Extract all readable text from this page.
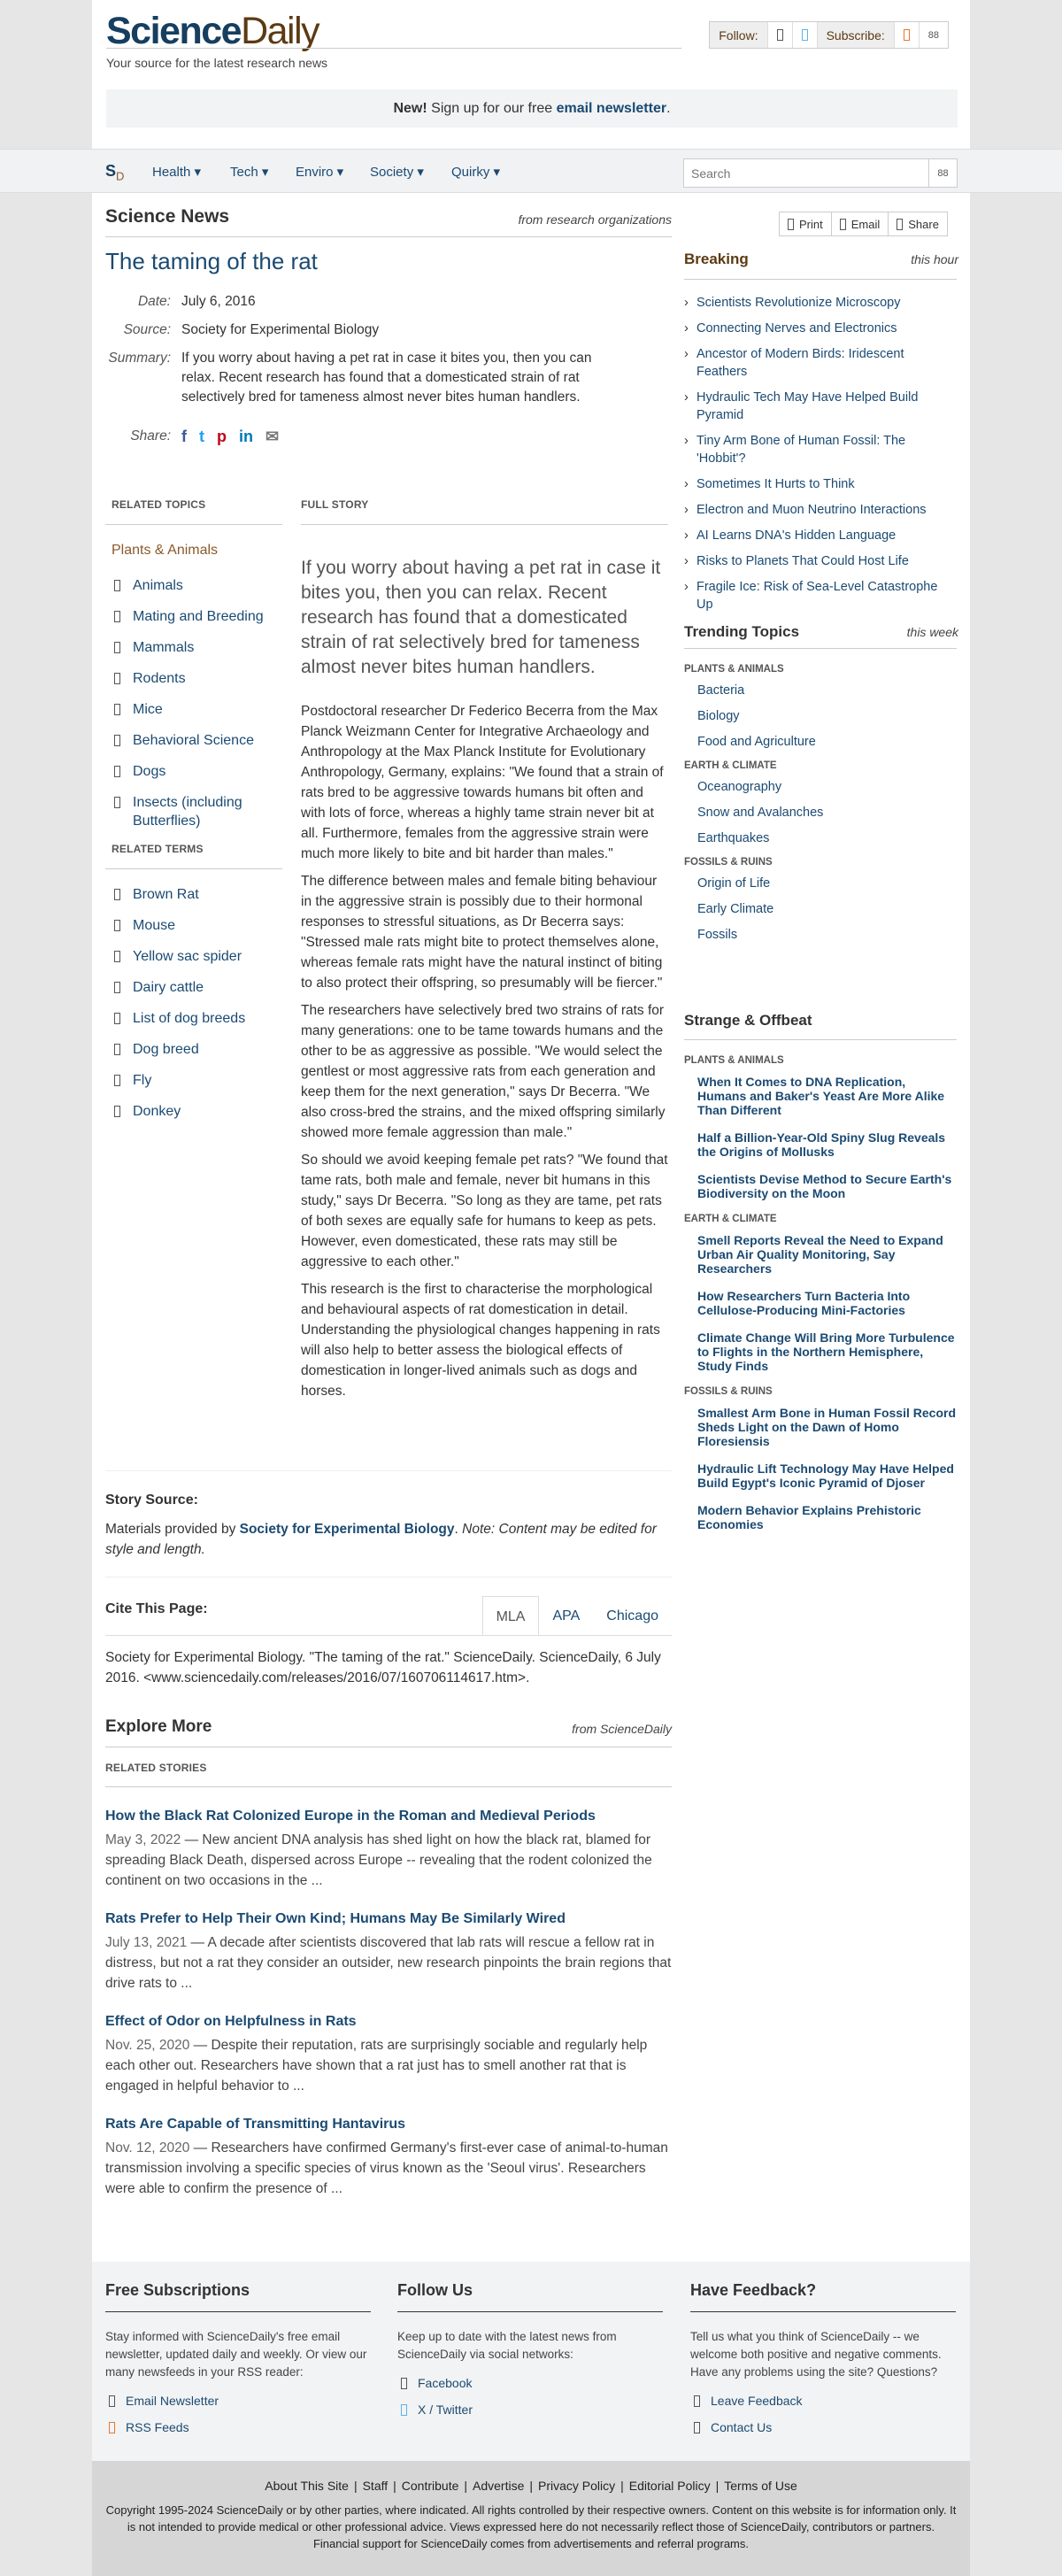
ScienceDaily
Your source for the latest research news
Follow:	Subscribe:	88
New! Sign up for our free email newsletter.
$S_D$ Health ▾ Tech ▾ Enviro ▾ Society ▾ Quirky ▾
Search	88
Science News	from research organizations
The taming of the rat
Date: July 6, 2016
Source: Society for Experimental Biology
Summary: If you worry about having a pet rat in case it bites you, then you can relax. Recent research has found that a domesticated strain of rat selectively bred for tameness almost never bites human handlers.
Share: f t p in ✉
RELATED TOPICS
Plants & Animals
Animals
Mating and Breeding
Mammals
Rodents
Mice
Behavioral Science
Dogs
Insects (including Butterflies)
RELATED TERMS
Brown Rat
Mouse
Yellow sac spider
Dairy cattle
List of dog breeds
Dog breed
Fly
Donkey
FULL STORY

If you worry about having a pet rat in case it bites you, then you can relax. Recent research has found that a domesticated strain of rat selectively bred for tameness almost never bites human handlers.

Postdoctoral researcher Dr Federico Becerra from the Max Planck Weizmann Center for Integrative Archaeology and Anthropology at the Max Planck Institute for Evolutionary Anthropology, Germany, explains: "We found that a strain of rats bred to be aggressive towards humans bit often and with lots of force, whereas a highly tame strain never bit at all. Furthermore, females from the aggressive strain were much more likely to bite and bit harder than males."

The difference between males and female biting behaviour in the aggressive strain is possibly due to their hormonal responses to stressful situations, as Dr Becerra says: "Stressed male rats might bite to protect themselves alone, whereas female rats might have the natural instinct of biting to also protect their offspring, so presumably will be fiercer."

The researchers have selectively bred two strains of rats for many generations: one to be tame towards humans and the other to be as aggressive as possible. "We would select the gentlest or most aggressive rats from each generation and keep them for the next generation," says Dr Becerra. "We also cross-bred the strains, and the mixed offspring similarly showed more female aggression than male."

So should we avoid keeping female pet rats? "We found that tame rats, both male and female, never bit humans in this study," says Dr Becerra. "So long as they are tame, pet rats of both sexes are equally safe for humans to keep as pets. However, even domesticated, these rats may still be aggressive to each other."

This research is the first to characterise the morphological and behavioural aspects of rat domestication in detail. Understanding the physiological changes happening in rats will also help to better assess the biological effects of domestication in longer-lived animals such as dogs and horses.

Print Email Share
Breaking	this hour
› Scientists Revolutionize Microscopy
› Connecting Nerves and Electronics
› Ancestor of Modern Birds: Iridescent Feathers
› Hydraulic Tech May Have Helped Build Pyramid
› Tiny Arm Bone of Human Fossil: The 'Hobbit'?
› Sometimes It Hurts to Think
› Electron and Muon Neutrino Interactions
› AI Learns DNA's Hidden Language
› Risks to Planets That Could Host Life
› Fragile Ice: Risk of Sea-Level Catastrophe Up
Trending Topics	this week
PLANTS & ANIMALS
Bacteria
Biology
Food and Agriculture
EARTH & CLIMATE
Oceanography
Snow and Avalanches
Earthquakes
FOSSILS & RUINS
Origin of Life
Early Climate
Fossils
Strange & Offbeat
PLANTS & ANIMALS
When It Comes to DNA Replication, Humans and Baker's Yeast Are More Alike Than Different
Half a Billion-Year-Old Spiny Slug Reveals the Origins of Mollusks
Scientists Devise Method to Secure Earth's Biodiversity on the Moon
EARTH & CLIMATE
Smell Reports Reveal the Need to Expand Urban Air Quality Monitoring, Say Researchers
How Researchers Turn Bacteria Into Cellulose-Producing Mini-Factories
Climate Change Will Bring More Turbulence to Flights in the Northern Hemisphere, Study Finds
FOSSILS & RUINS
Smallest Arm Bone in Human Fossil Record Sheds Light on the Dawn of Homo Floresiensis
Hydraulic Lift Technology May Have Helped Build Egypt's Iconic Pyramid of Djoser
Modern Behavior Explains Prehistoric Economies
Story Source:

Materials provided by Society for Experimental Biology. Note: Content may be edited for style and length.

Cite This Page:
MLA	APA	Chicago

Society for Experimental Biology. "The taming of the rat." ScienceDaily. ScienceDaily, 6 July 2016. <www.sciencedaily.com/releases/2016/07/160706114617.htm>.

Explore More	from ScienceDaily
RELATED STORIES
How the Black Rat Colonized Europe in the Roman and Medieval Periods

May 3, 2022 — New ancient DNA analysis has shed light on how the black rat, blamed for spreading Black Death, dispersed across Europe -- revealing that the rodent colonized the continent on two occasions in the ...

Rats Prefer to Help Their Own Kind; Humans May Be Similarly Wired

July 13, 2021 — A decade after scientists discovered that lab rats will rescue a fellow rat in distress, but not a rat they consider an outsider, new research pinpoints the brain regions that drive rats to ...

Effect of Odor on Helpfulness in Rats

Nov. 25, 2020 — Despite their reputation, rats are surprisingly sociable and regularly help each other out. Researchers have shown that a rat just has to smell another rat that is engaged in helpful behavior to ...

Rats Are Capable of Transmitting Hantavirus

Nov. 12, 2020 — Researchers have confirmed Germany's first-ever case of animal-to-human transmission involving a specific species of virus known as the 'Seoul virus'. Researchers were able to confirm the presence of ...

Free Subscriptions

Stay informed with ScienceDaily's free email newsletter, updated daily and weekly. Or view our many newsfeeds in your RSS reader:

Email Newsletter
RSS Feeds
Follow Us

Keep up to date with the latest news from ScienceDaily via social networks:

Facebook
X / Twitter
Have Feedback?

Tell us what you think of ScienceDaily -- we welcome both positive and negative comments. Have any problems using the site? Questions?

Leave Feedback
Contact Us
About This Site | Staff | Contribute | Advertise | Privacy Policy | Editorial Policy | Terms of Use

Copyright 1995-2024 ScienceDaily or by other parties, where indicated. All rights controlled by their respective owners. Content on this website is for information only. It is not intended to provide medical or other professional advice. Views expressed here do not necessarily reflect those of ScienceDaily, contributors or partners. Financial support for ScienceDaily comes from advertisements and referral programs.
